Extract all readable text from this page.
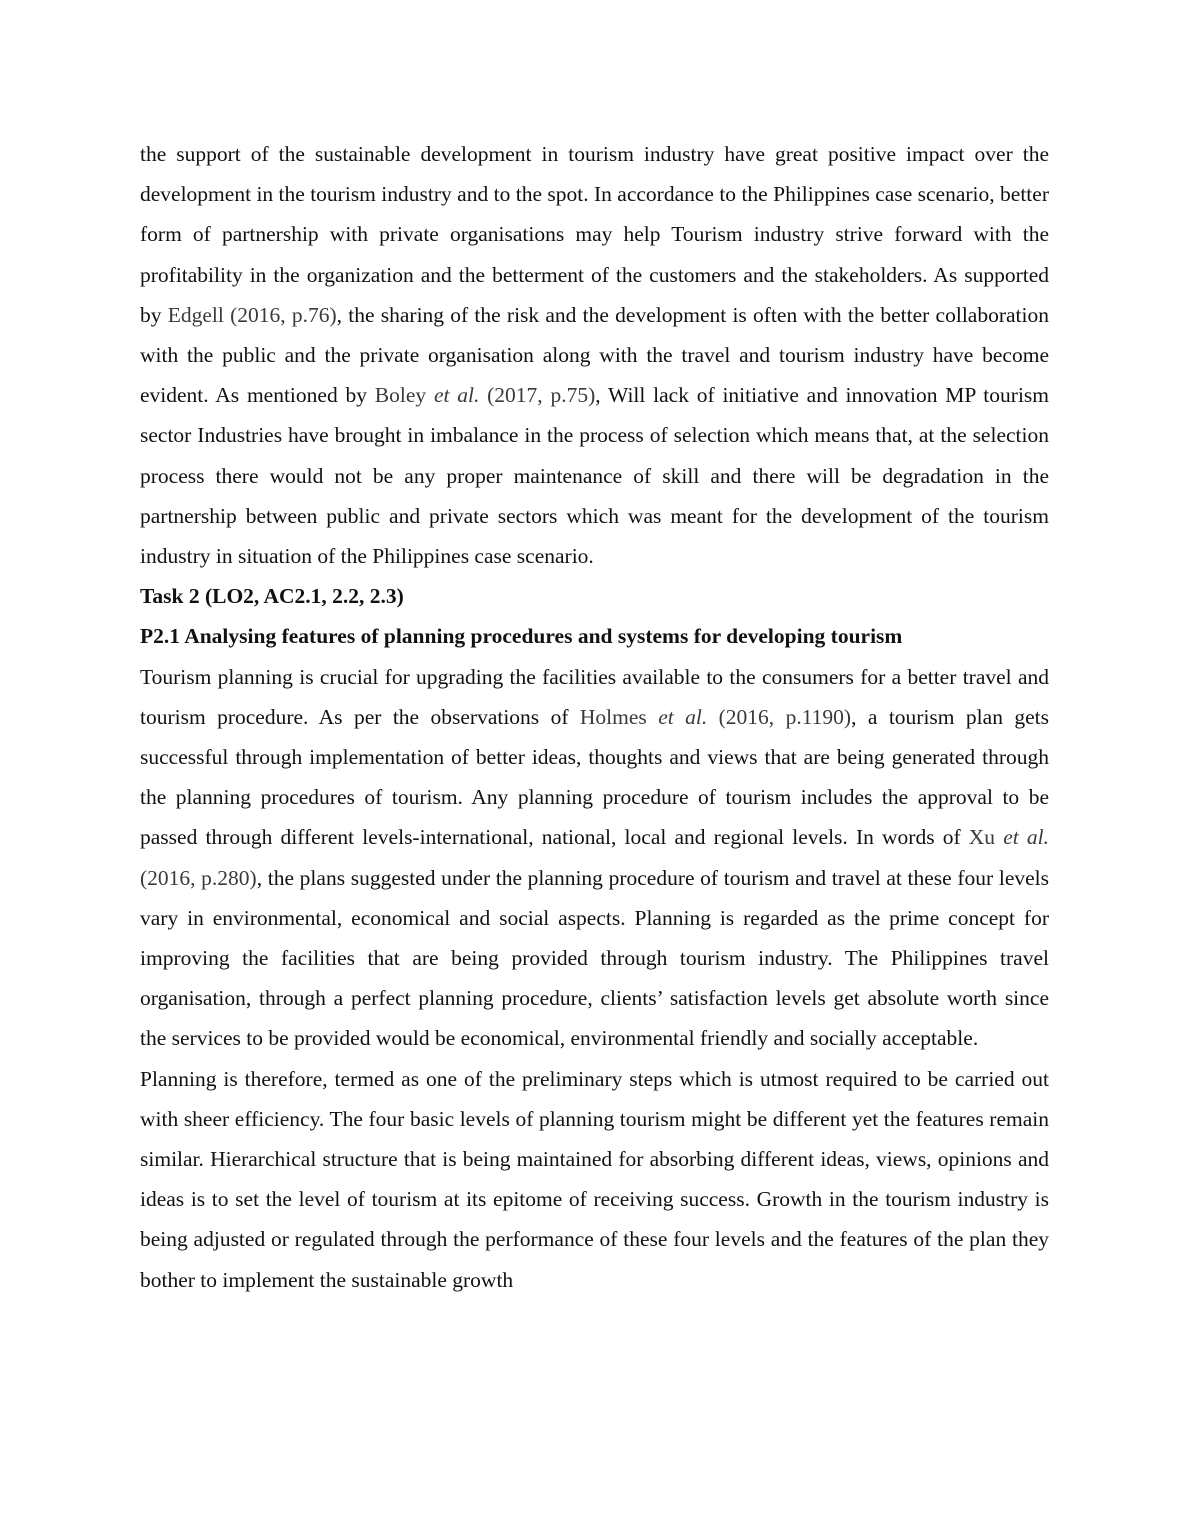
the support of the sustainable development in tourism industry have great positive impact over the development in the tourism industry and to the spot. In accordance to the Philippines case scenario, better form of partnership with private organisations may help Tourism industry strive forward with the profitability in the organization and the betterment of the customers and the stakeholders. As supported by Edgell (2016, p.76), the sharing of the risk and the development is often with the better collaboration with the public and the private organisation along with the travel and tourism industry have become evident. As mentioned by Boley et al. (2017, p.75), Will lack of initiative and innovation MP tourism sector Industries have brought in imbalance in the process of selection which means that, at the selection process there would not be any proper maintenance of skill and there will be degradation in the partnership between public and private sectors which was meant for the development of the tourism industry in situation of the Philippines case scenario.

Task 2 (LO2, AC2.1, 2.2, 2.3)
P2.1 Analysing features of planning procedures and systems for developing tourism

Tourism planning is crucial for upgrading the facilities available to the consumers for a better travel and tourism procedure. As per the observations of Holmes et al. (2016, p.1190), a tourism plan gets successful through implementation of better ideas, thoughts and views that are being generated through the planning procedures of tourism. Any planning procedure of tourism includes the approval to be passed through different levels-international, national, local and regional levels. In words of Xu et al. (2016, p.280), the plans suggested under the planning procedure of tourism and travel at these four levels vary in environmental, economical and social aspects. Planning is regarded as the prime concept for improving the facilities that are being provided through tourism industry. The Philippines travel organisation, through a perfect planning procedure, clients’ satisfaction levels get absolute worth since the services to be provided would be economical, environmental friendly and socially acceptable.

Planning is therefore, termed as one of the preliminary steps which is utmost required to be carried out with sheer efficiency. The four basic levels of planning tourism might be different yet the features remain similar. Hierarchical structure that is being maintained for absorbing different ideas, views, opinions and ideas is to set the level of tourism at its epitome of receiving success. Growth in the tourism industry is being adjusted or regulated through the performance of these four levels and the features of the plan they bother to implement the sustainable growth
